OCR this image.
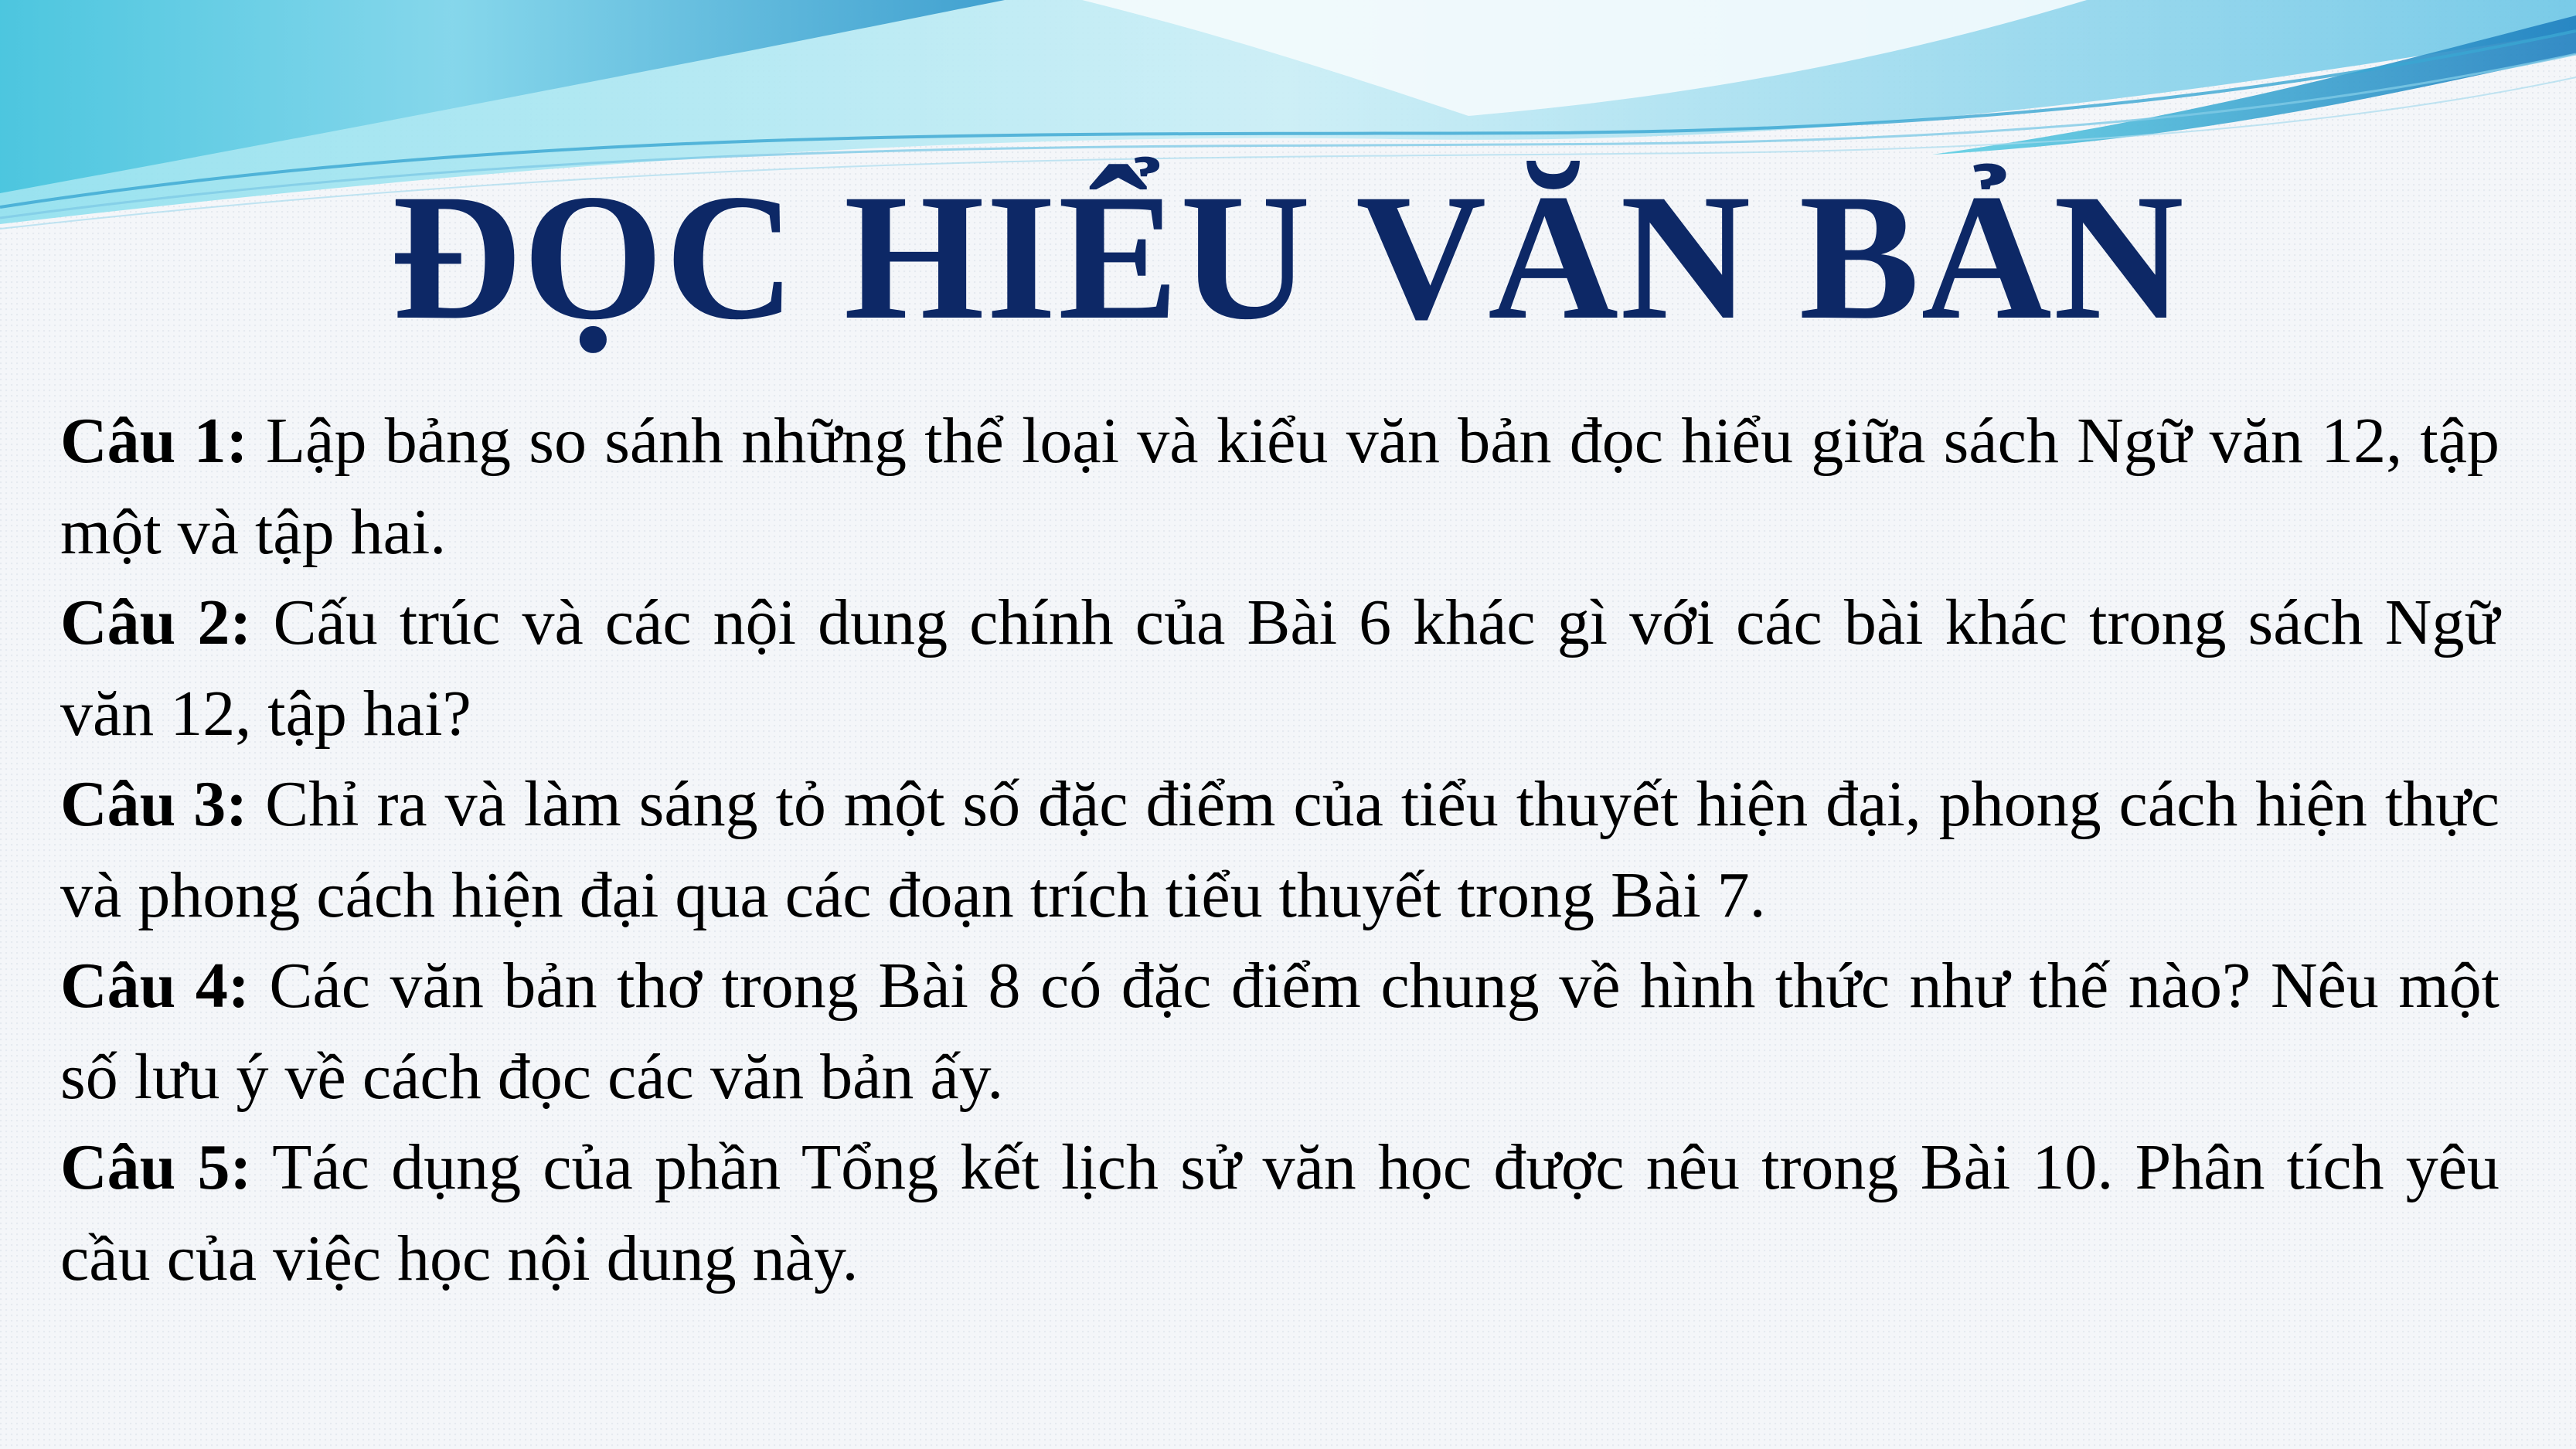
ĐỌC HIỂU VĂN BẢN

Câu 1: Lập bảng so sánh những thể loại và kiểu văn bản đọc hiểu giữa sách Ngữ văn 12, tập một và tập hai.

Câu 2: Cấu trúc và các nội dung chính của Bài 6 khác gì với các bài khác trong sách Ngữ văn 12, tập hai?

Câu 3: Chỉ ra và làm sáng tỏ một số đặc điểm của tiểu thuyết hiện đại, phong cách hiện thực và phong cách hiện đại qua các đoạn trích tiểu thuyết trong Bài 7.

Câu 4: Các văn bản thơ trong Bài 8 có đặc điểm chung về hình thức như thế nào? Nêu một số lưu ý về cách đọc các văn bản ấy.

Câu 5: Tác dụng của phần Tổng kết lịch sử văn học được nêu trong Bài 10. Phân tích yêu cầu của việc học nội dung này.
